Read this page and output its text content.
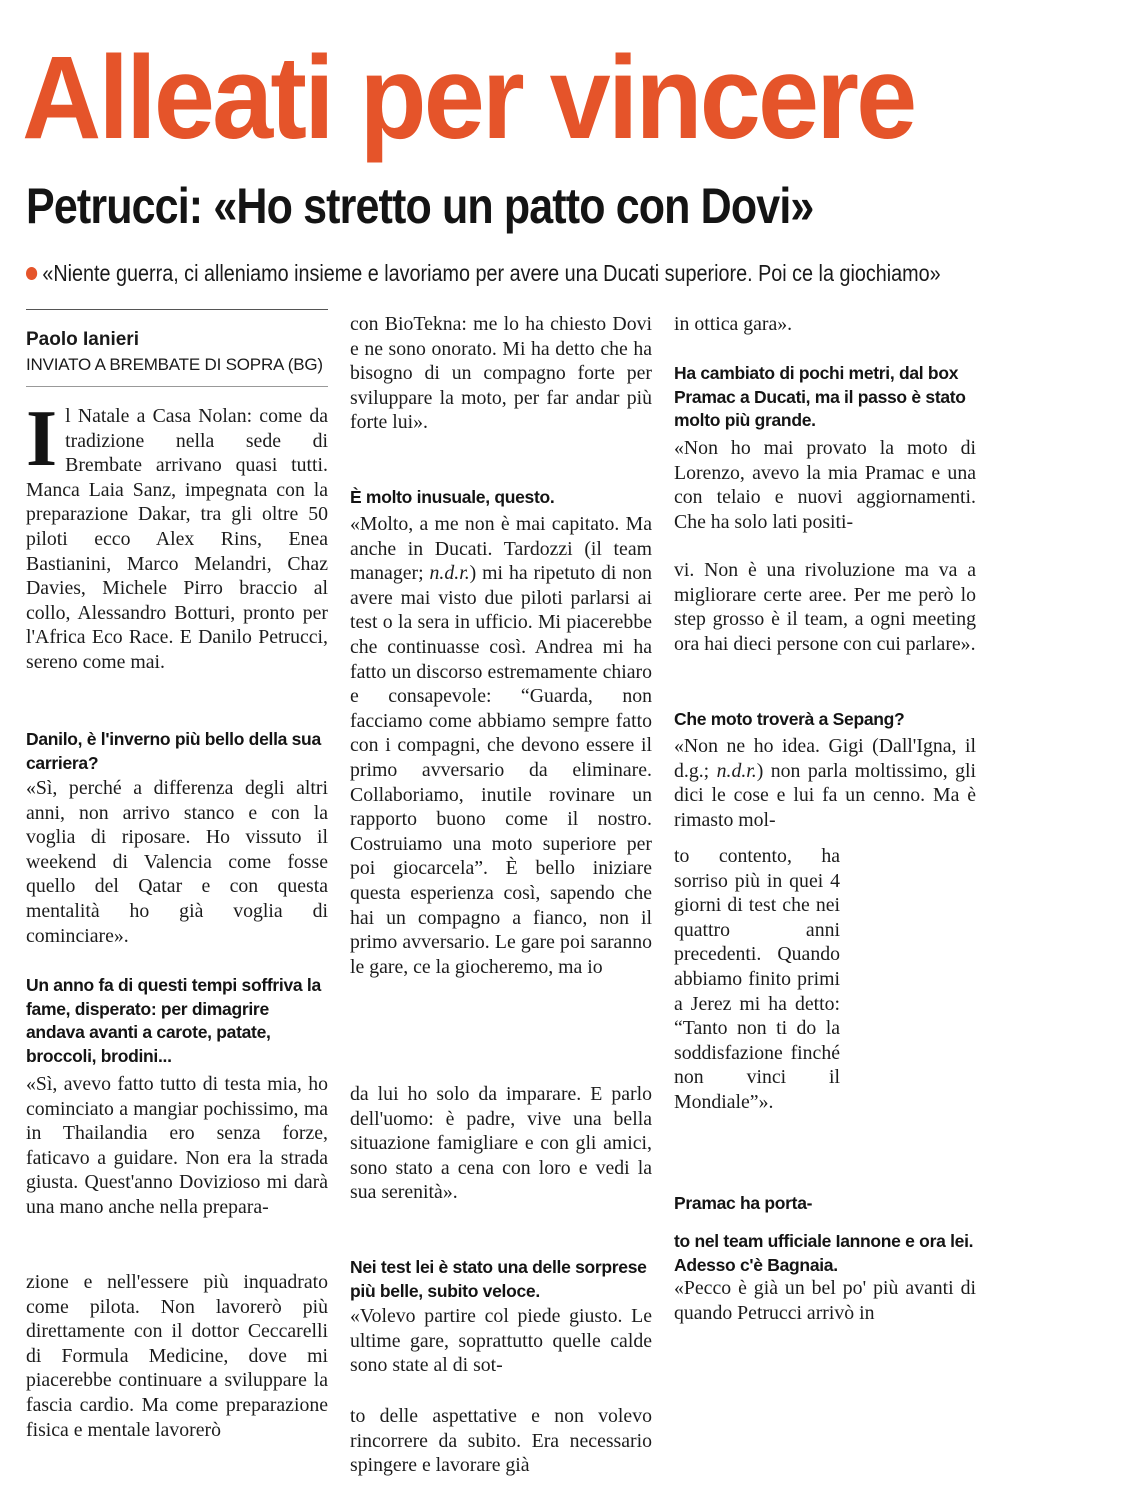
Alleati per vincere
Petrucci: «Ho stretto un patto con Dovi»
«Niente guerra, ci alleniamo insieme e lavoriamo per avere una Ducati superiore. Poi ce la giochiamo»
Paolo Ianieri
INVIATO A BREMBATE DI SOPRA (BG)
Il Natale a Casa Nolan: come da tradizione nella sede di Brembate arrivano quasi tutti. Manca Laia Sanz, impegnata con la preparazione Dakar, tra gli oltre 50 piloti ecco Alex Rins, Enea Bastianini, Marco Melandri, Chaz Davies, Michele Pirro braccio al collo, Alessandro Botturi, pronto per l'Africa Eco Race. E Danilo Petrucci, sereno come mai.
Danilo, è l'inverno più bello della sua carriera?
«Sì, perché a differenza degli altri anni, non arrivo stanco e con la voglia di riposare. Ho vissuto il weekend di Valencia come fosse quello del Qatar e con questa mentalità ho già voglia di cominciare».
Un anno fa di questi tempi soffriva la fame, disperato: per dimagrire andava avanti a carote, patate, broccoli, brodini...
«Sì, avevo fatto tutto di testa mia, ho cominciato a mangiar pochissimo, ma in Thailandia ero senza forze, faticavo a guidare. Non era la strada giusta. Quest'anno Dovizioso mi darà una mano anche nella prepara-
zione e nell'essere più inquadrato come pilota. Non lavorerò più direttamente con il dottor Ceccarelli di Formula Medicine, dove mi piacerebbe continuare a sviluppare la fascia cardio. Ma come preparazione fisica e mentale lavorerò
con BioTekna: me lo ha chiesto Dovi e ne sono onorato. Mi ha detto che ha bisogno di un compagno forte per sviluppare la moto, per far andar più forte lui».
È molto inusuale, questo.
«Molto, a me non è mai capitato. Ma anche in Ducati. Tardozzi (il team manager; n.d.r.) mi ha ripetuto di non avere mai visto due piloti parlarsi ai test o la sera in ufficio. Mi piacerebbe che continuasse così. Andrea mi ha fatto un discorso estremamente chiaro e consapevole: “Guarda, non facciamo come abbiamo sempre fatto con i compagni, che devono essere il primo avversario da eliminare. Collaboriamo, inutile rovinare un rapporto buono come il nostro. Costruiamo una moto superiore per poi giocarcela”. È bello iniziare questa esperienza così, sapendo che hai un compagno a fianco, non il primo avversario. Le gare poi saranno le gare, ce la giocheremo, ma io
da lui ho solo da imparare. E parlo dell'uomo: è padre, vive una bella situazione famigliare e con gli amici, sono stato a cena con loro e vedi la sua serenità».
Nei test lei è stato una delle sorprese più belle, subito veloce.
«Volevo partire col piede giusto. Le ultime gare, soprattutto quelle calde sono state al di sot-
to delle aspettative e non volevo rincorrere da subito. Era necessario spingere e lavorare già
in ottica gara».
Ha cambiato di pochi metri, dal box Pramac a Ducati, ma il passo è stato molto più grande.
«Non ho mai provato la moto di Lorenzo, avevo la mia Pramac e una con telaio e nuovi aggiornamenti. Che ha solo lati positi-
vi. Non è una rivoluzione ma va a migliorare certe aree. Per me però lo step grosso è il team, a ogni meeting ora hai dieci persone con cui parlare».
Che moto troverà a Sepang?
«Non ne ho idea. Gigi (Dall'Igna, il d.g.; n.d.r.) non parla moltissimo, gli dici le cose e lui fa un cenno. Ma è rimasto mol-
to contento, ha sorriso più in quei 4 giorni di test che nei quattro anni precedenti. Quando abbiamo finito primi a Jerez mi ha detto: “Tanto non ti do la soddisfazione finché non vinci il Mondiale”».
Pramac ha porta-
to nel team ufficiale Iannone e ora lei. Adesso c'è Bagnaia.
«Pecco è già un bel po' più avanti di quando Petrucci arrivò in
